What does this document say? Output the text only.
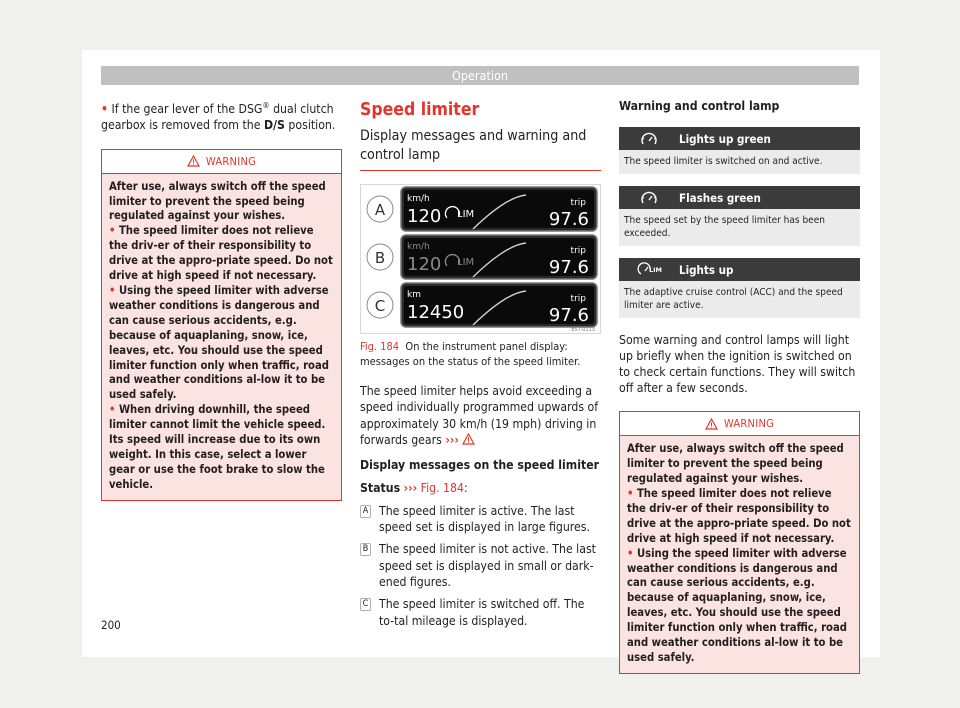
Operation

• If the gear lever of the DSG® dual clutch gearbox is removed from the D/S position.

WARNING
After use, always switch off the speed limiter to prevent the speed being regulated against your wishes.
• The speed limiter does not relieve the driv-er of their responsibility to drive at the appro-priate speed. Do not drive at high speed if not necessary.
• Using the speed limiter with adverse weather conditions is dangerous and can cause serious accidents, e.g. because of aquaplaning, snow, ice, leaves, etc. You should use the speed limiter function only when traffic, road and weather conditions al-low it to be used safely.
• When driving downhill, the speed limiter cannot limit the vehicle speed. Its speed will increase due to its own weight. In this case, select a lower gear or use the foot brake to slow the vehicle.
Speed limiter
Display messages and warning and control lamp
A
km/h
120 LIM
trip
97.6
B
km/h
120 LIM
trip
97.6
C
km
12450
trip
97.6
B5T-0113
Fig. 184 On the instrument panel display: messages on the status of the speed limiter.

The speed limiter helps avoid exceeding a speed individually programmed upwards of approximately 30 km/h (19 mph) driving in forwards gears ›››

Display messages on the speed limiter

Status ››› Fig. 184:

A The speed limiter is active. The last speed set is displayed in large figures.

B The speed limiter is not active. The last speed set is displayed in small or dark-ened figures.

C The speed limiter is switched off. The to-tal mileage is displayed.

Warning and control lamp

Lights up green
The speed limiter is switched on and active.
Flashes green
The speed set by the speed limiter has been exceeded.
LIM Lights up
The adaptive cruise control (ACC) and the speed limiter are active.

Some warning and control lamps will light up briefly when the ignition is switched on to check certain functions. They will switch off after a few seconds.

WARNING
After use, always switch off the speed limiter to prevent the speed being regulated against your wishes.
• The speed limiter does not relieve the driv-er of their responsibility to drive at the appro-priate speed. Do not drive at high speed if not necessary.
• Using the speed limiter with adverse weather conditions is dangerous and can cause serious accidents, e.g. because of aquaplaning, snow, ice, leaves, etc. You should use the speed limiter function only when traffic, road and weather conditions al-low it to be used safely.
200
